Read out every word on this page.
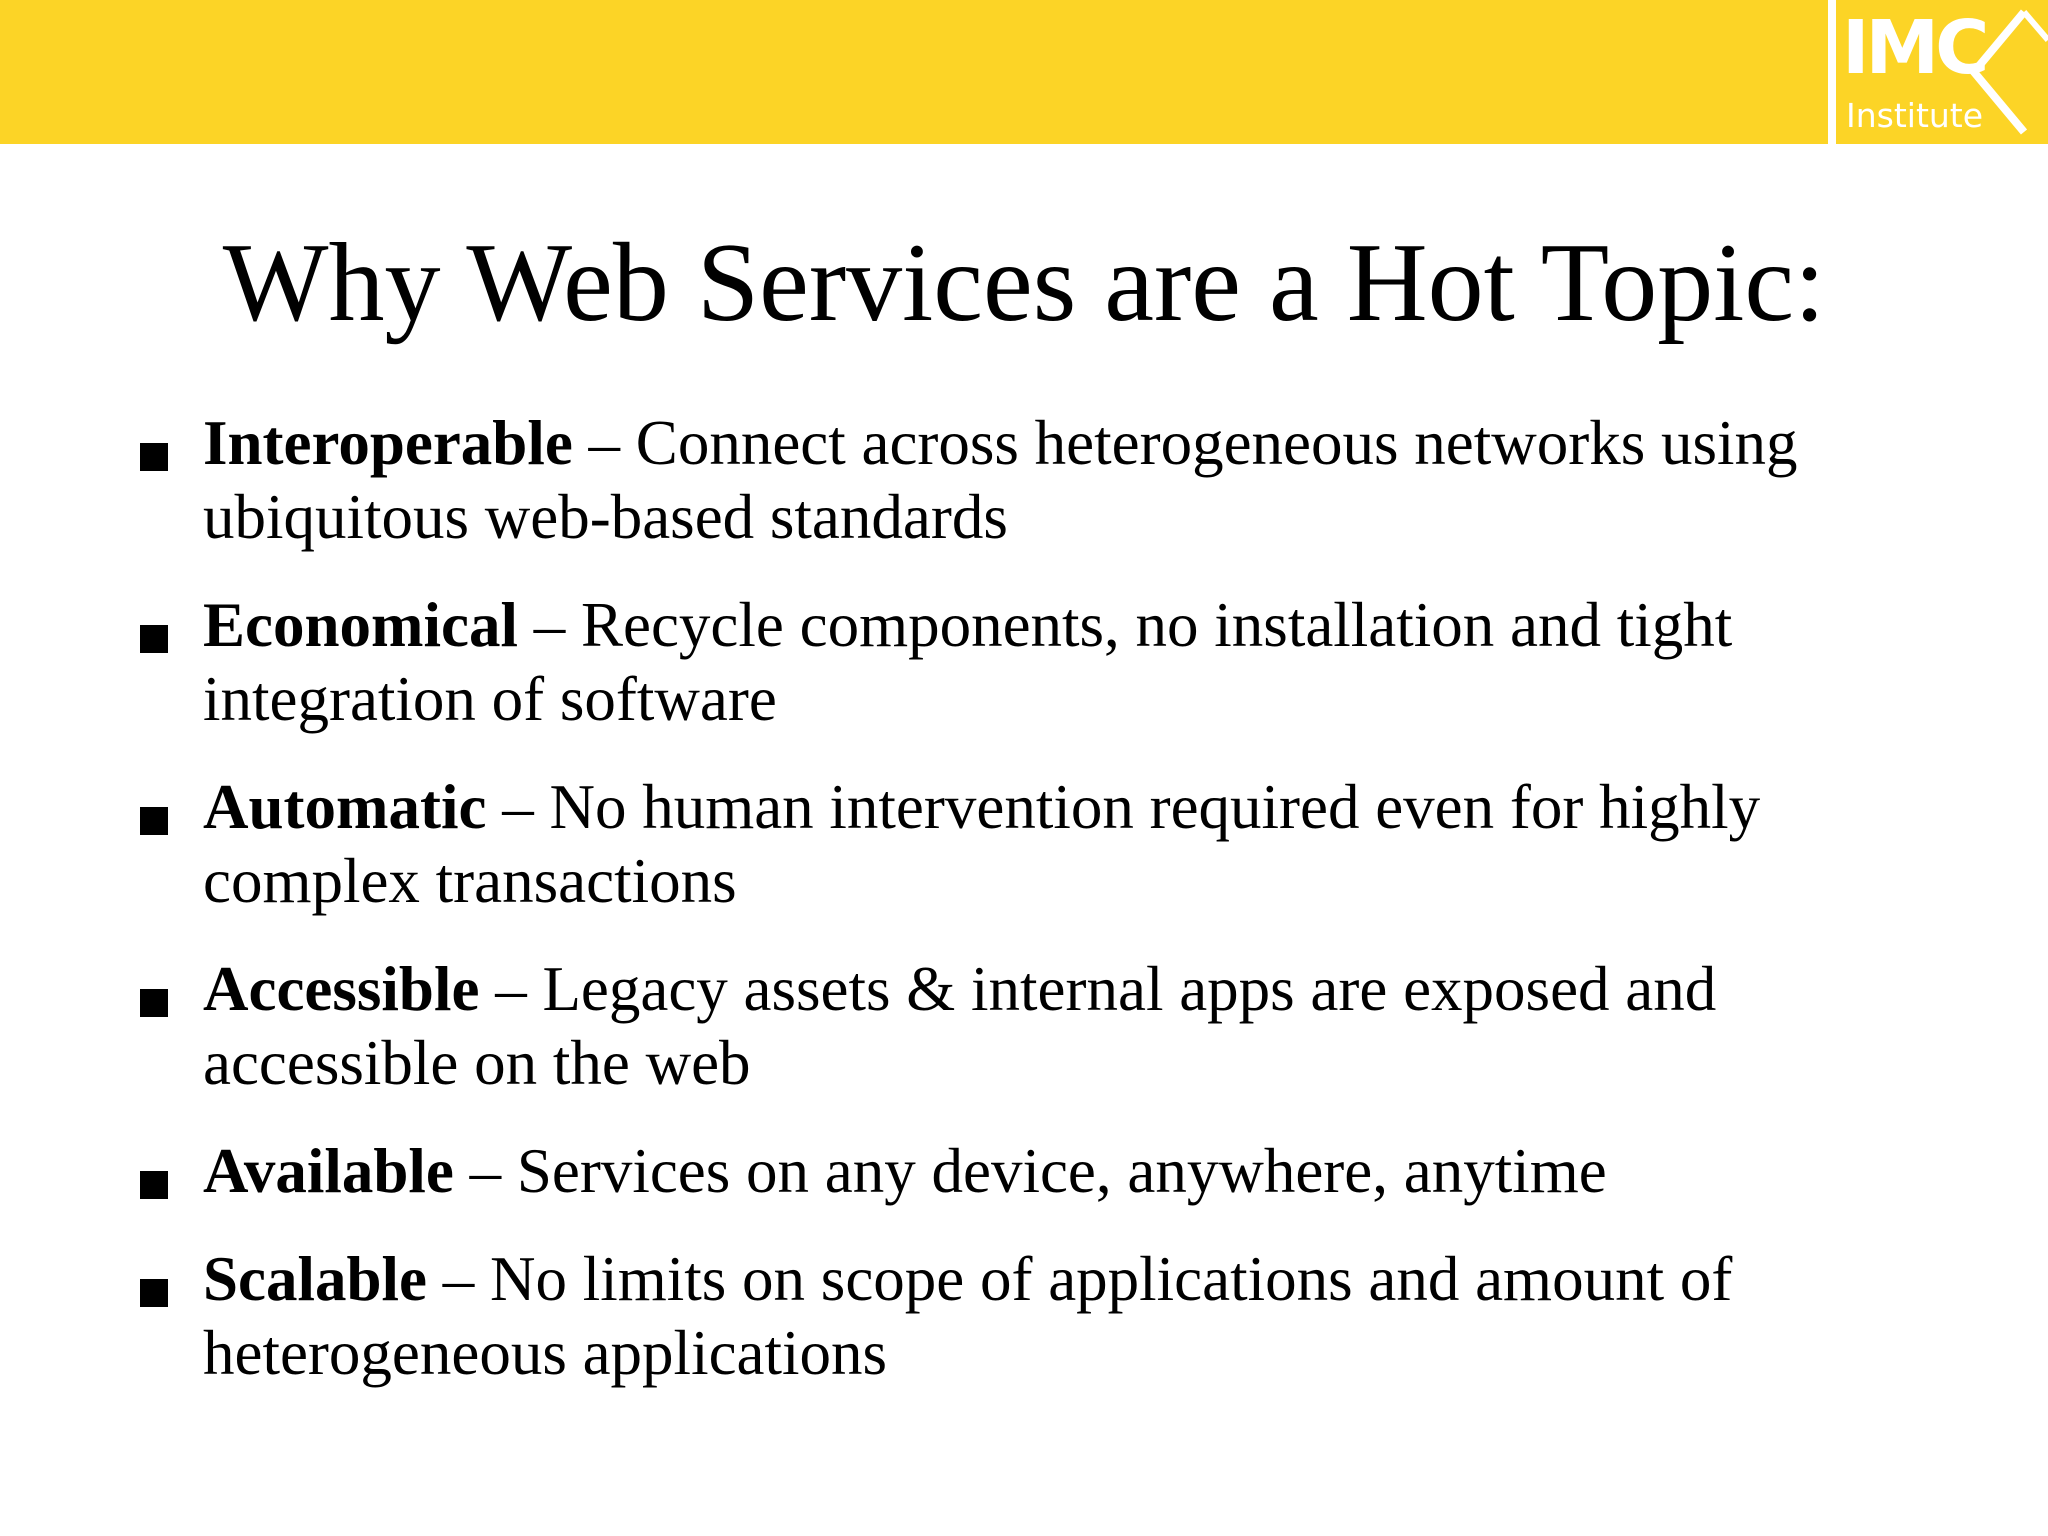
IMC
Institute
Why Web Services are a Hot Topic:
Interoperable – Connect across heterogeneous networks using ubiquitous web-based standards
Economical – Recycle components, no installation and tight integration of software
Automatic – No human intervention required even for highly complex transactions
Accessible – Legacy assets & internal apps are exposed and accessible on the web
Available – Services on any device, anywhere, anytime
Scalable – No limits on scope of applications and amount of heterogeneous applications
